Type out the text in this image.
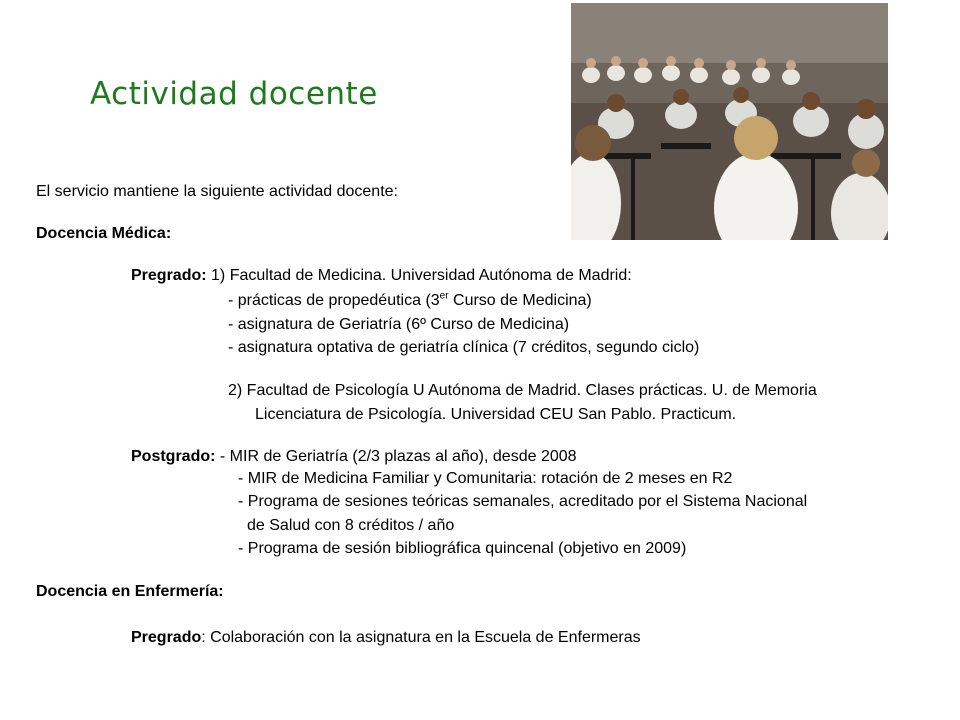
Actividad docente
El servicio mantiene la siguiente actividad docente:
Docencia Médica:
Pregrado: 1) Facultad de Medicina. Universidad Autónoma de Madrid:
- prácticas de propedéutica (3er Curso de Medicina)
- asignatura de Geriatría (6º Curso de Medicina)
- asignatura optativa de geriatría clínica (7 créditos, segundo ciclo)
2) Facultad de Psicología U Autónoma de Madrid. Clases prácticas. U. de Memoria
Licenciatura de Psicología. Universidad CEU San Pablo. Practicum.
Postgrado: - MIR de Geriatría (2/3 plazas al año), desde 2008
- MIR de Medicina Familiar y Comunitaria: rotación de 2 meses en R2
- Programa de sesiones teóricas semanales, acreditado por el Sistema Nacional
de Salud con 8 créditos / año
- Programa de sesión bibliográfica quincenal (objetivo en 2009)
Docencia en Enfermería:
Pregrado: Colaboración con la asignatura en la Escuela de Enfermeras
